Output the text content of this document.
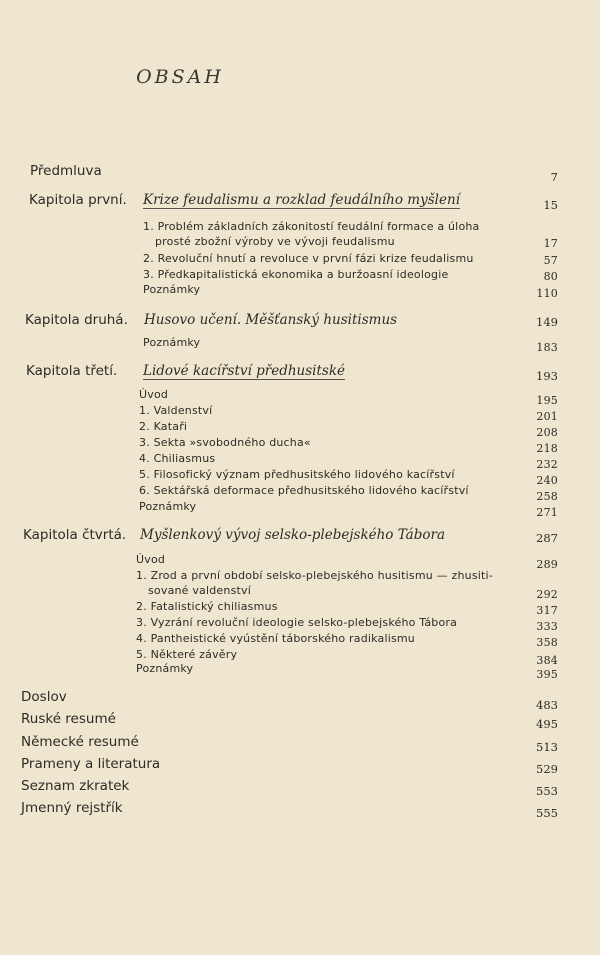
OBSAH
Předmluva	7
Kapitola první. Krize feudalismu a rozklad feudálního myšlení	15
1. Problém základních zákonitostí feudální formace a úloha
prosté zbožní výroby ve vývoji feudalismu	17
2. Revoluční hnutí a revoluce v první fázi krize feudalismu	57
3. Předkapitalistická ekonomika a buržoasní ideologie	80
Poznámky	110
Kapitola druhá. Husovo učení. Měšťanský husitismus	149
Poznámky	183
Kapitola třetí. Lidové kacířství předhusitské	193
Úvod	195
1. Valdenství	201
2. Kataři	208
3. Sekta »svobodného ducha«	218
4. Chiliasmus	232
5. Filosofický význam předhusitského lidového kacířství	240
6. Sektářská deformace předhusitského lidového kacířství	258
Poznámky	271
Kapitola čtvrtá. Myšlenkový vývoj selsko-plebejského Tábora	287
Úvod	289
1. Zrod a první období selsko-plebejského husitismu — zhusiti-
sované valdenství	292
2. Fatalistický chiliasmus	317
3. Vyzrání revoluční ideologie selsko-plebejského Tábora	333
4. Pantheistické vyústění táborského radikalismu	358
5. Některé závěry	384
Poznámky	395
Doslov	483
Ruské resumé	495
Německé resumé	513
Prameny a literatura	529
Seznam zkratek	553
Jmenný rejstřík	555
